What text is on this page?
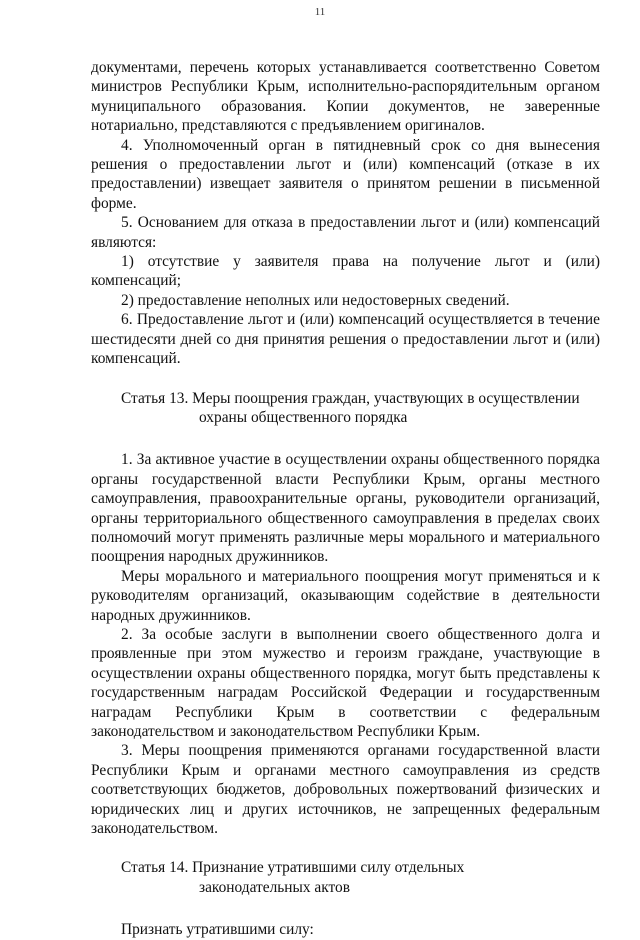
11

документами, перечень которых устанавливается соответственно Советом министров Республики Крым, исполнительно-распорядительным органом муниципального образования. Копии документов, не заверенные нотариально, представляются с предъявлением оригиналов.

4. Уполномоченный орган в пятидневный срок со дня вынесения решения о предоставлении льгот и (или) компенсаций (отказе в их предоставлении) извещает заявителя о принятом решении в письменной форме.

5. Основанием для отказа в предоставлении льгот и (или) компенсаций являются:

1) отсутствие у заявителя права на получение льгот и (или) компенсаций;

2) предоставление неполных или недостоверных сведений.

6. Предоставление льгот и (или) компенсаций осуществляется в течение шестидесяти дней со дня принятия решения о предоставлении льгот и (или) компенсаций.

Статья 13. Меры поощрения граждан, участвующих в осуществлении
охраны общественного порядка

1. За активное участие в осуществлении охраны общественного порядка органы государственной власти Республики Крым, органы местного самоуправления, правоохранительные органы, руководители организаций, органы территориального общественного самоуправления в пределах своих полномочий могут применять различные меры морального и материального поощрения народных дружинников.

Меры морального и материального поощрения могут применяться и к руководителям организаций, оказывающим содействие в деятельности народных дружинников.

2. За особые заслуги в выполнении своего общественного долга и проявленные при этом мужество и героизм граждане, участвующие в осуществлении охраны общественного порядка, могут быть представлены к государственным наградам Российской Федерации и государственным наградам Республики Крым в соответствии с федеральным законодательством и законодательством Республики Крым.

3. Меры поощрения применяются органами государственной власти Республики Крым и органами местного самоуправления из средств соответствующих бюджетов, добровольных пожертвований физических и юридических лиц и других источников, не запрещенных федеральным законодательством.

Статья 14. Признание утратившими силу отдельных
законодательных актов

Признать утратившими силу:
